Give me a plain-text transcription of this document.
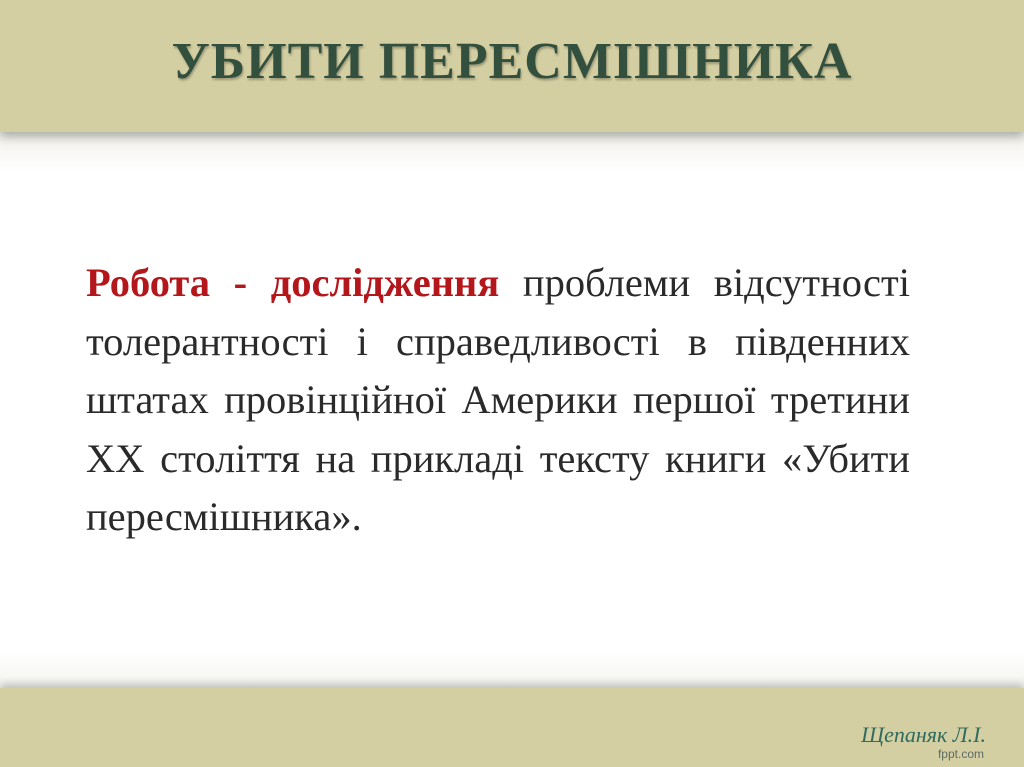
УБИТИ ПЕРЕСМІШНИКА

Робота - дослідження проблеми відсутності толерантності і справедливості в південних штатах провінційної Америки першої третини XX століття на прикладі тексту книги «Убити пересмішника».

Щепаняк Л.І.
fppt.com
